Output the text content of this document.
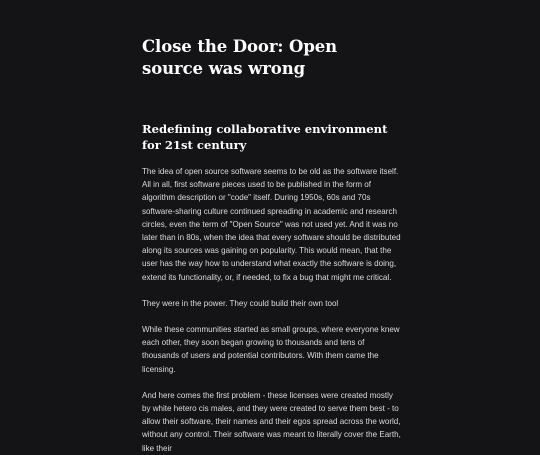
Close the Door: Open source was wrong
Redefining collaborative environment for 21st century

The idea of open source software seems to be old as the software itself. All in all, first software pieces used to be published in the form of algorithm description or "code" itself. During 1950s, 60s and 70s software-sharing culture continued spreading in academic and research circles, even the term of "Open Source" was not used yet. And it was no later than in 80s, when the idea that every software should be distributed along its sources was gaining on popularity. This would mean, that the user has the way how to understand what exactly the software is doing, extend its functionality, or, if needed, to fix a bug that might me critical.

They were in the power. They could build their own tool

While these communities started as small groups, where everyone knew each other, they soon began growing to thousands and tens of thousands of users and potential contributors. With them came the licensing.

And here comes the first problem - these licenses were created mostly by white hetero cis males, and they were created to serve them best - to allow their software, their names and their egos spread across the world, without any control. Their software was meant to literally cover the Earth, like their
